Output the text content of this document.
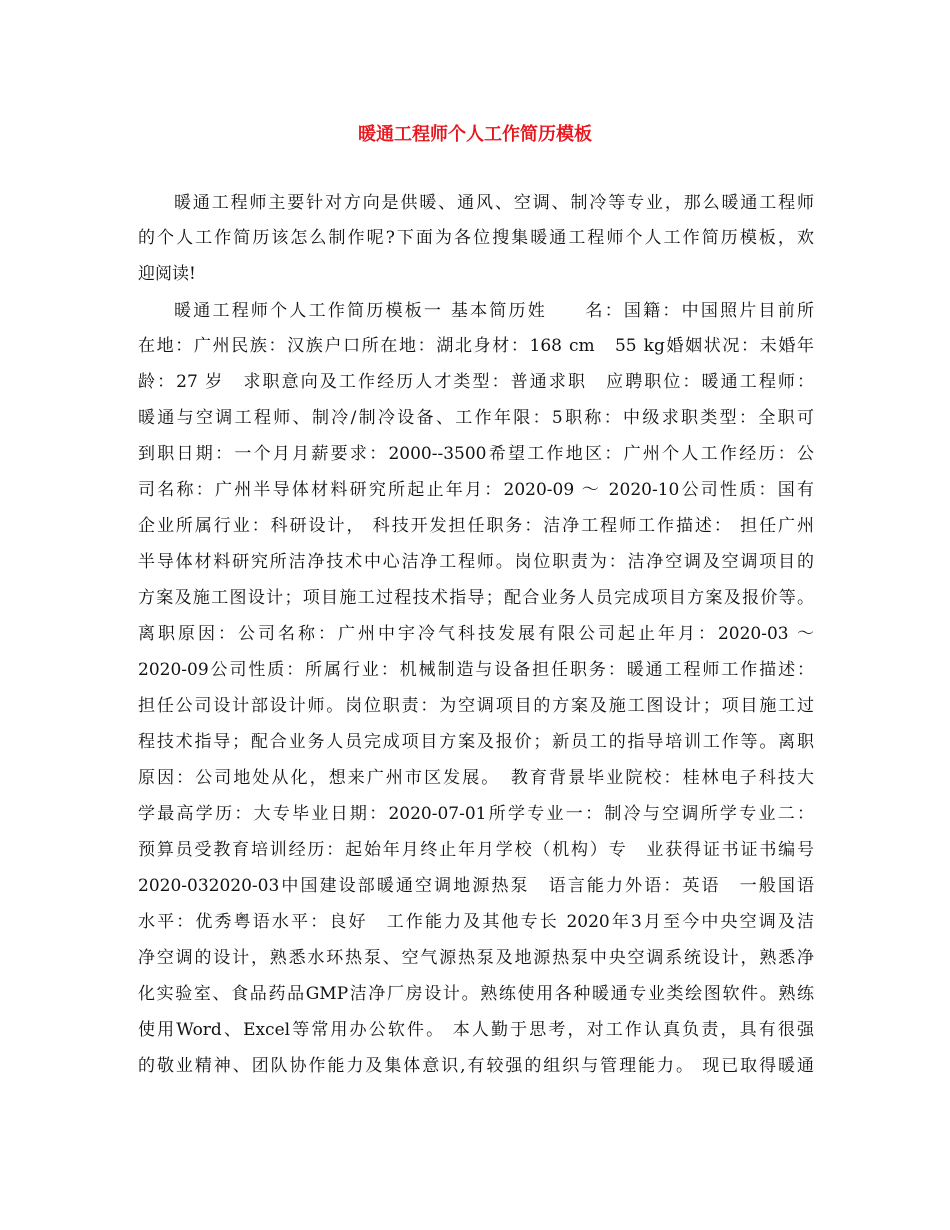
暖通工程师个人工作简历模板

暖通工程师主要针对方向是供暖、通风、空调、制冷等专业，那么暖通工程师

的个人工作简历该怎么制作呢?下面为各位搜集暖通工程师个人工作简历模板，欢

迎阅读!

暖通工程师个人工作简历模板一 基本简历姓　　名：国籍：中国照片目前所

在地：广州民族：汉族户口所在地：湖北身材：168 cm　55 kg婚姻状况：未婚年

龄：27 岁　求职意向及工作经历人才类型：普通求职　应聘职位：暖通工程师：

暖通与空调工程师、制冷/制冷设备、工作年限：5职称：中级求职类型：全职可

到职日期：一个月月薪要求：2000--3500希望工作地区：广州个人工作经历：公

司名称：广州半导体材料研究所起止年月：2020-09 ～ 2020-10公司性质：国有

企业所属行业：科研设计， 科技开发担任职务：洁净工程师工作描述： 担任广州

半导体材料研究所洁净技术中心洁净工程师。岗位职责为：洁净空调及空调项目的

方案及施工图设计；项目施工过程技术指导；配合业务人员完成项目方案及报价等。

离职原因：公司名称：广州中宇冷气科技发展有限公司起止年月：2020-03 ～

2020-09公司性质：所属行业：机械制造与设备担任职务：暖通工程师工作描述：

担任公司设计部设计师。岗位职责：为空调项目的方案及施工图设计；项目施工过

程技术指导；配合业务人员完成项目方案及报价；新员工的指导培训工作等。离职

原因：公司地处从化，想来广州市区发展。　教育背景毕业院校：桂林电子科技大

学最高学历：大专毕业日期：2020-07-01所学专业一：制冷与空调所学专业二：

预算员受教育培训经历：起始年月终止年月学校（机构）专　业获得证书证书编号

2020-032020-03中国建设部暖通空调地源热泵　语言能力外语：英语　一般国语

水平：优秀粤语水平：良好　工作能力及其他专长 2020年3月至今中央空调及洁

净空调的设计，熟悉水环热泵、空气源热泵及地源热泵中央空调系统设计，熟悉净

化实验室、食品药品GMP洁净厂房设计。熟练使用各种暖通专业类绘图软件。熟练

使用Word、Excel等常用办公软件。 本人勤于思考，对工作认真负责，具有很强

的敬业精神、团队协作能力及集体意识,有较强的组织与管理能力。 现已取得暖通
